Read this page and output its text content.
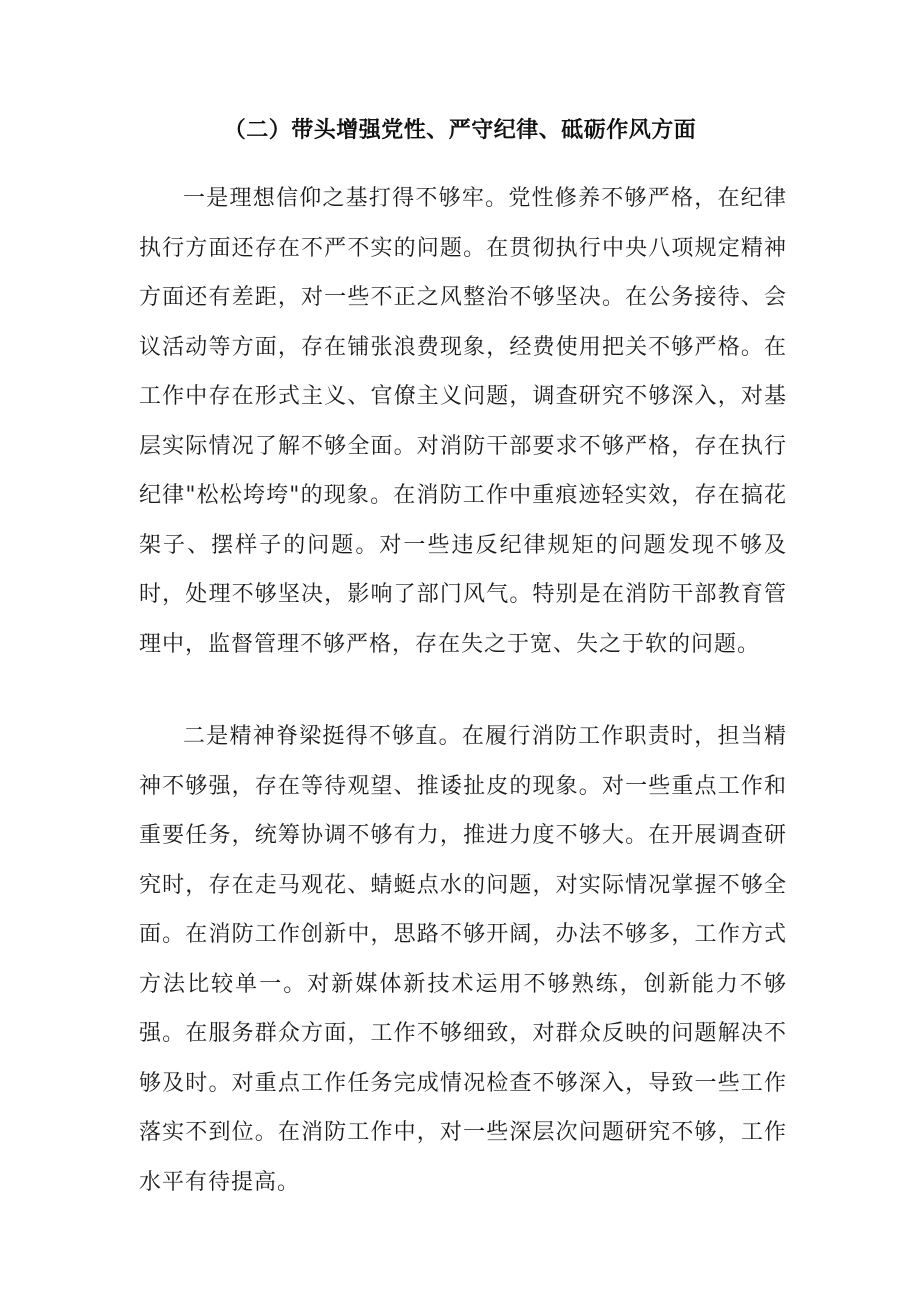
（二）带头增强党性、严守纪律、砥砺作风方面

一是理想信仰之基打得不够牢。党性修养不够严格，在纪律执行方面还存在不严不实的问题。在贯彻执行中央八项规定精神方面还有差距，对一些不正之风整治不够坚决。在公务接待、会议活动等方面，存在铺张浪费现象，经费使用把关不够严格。在工作中存在形式主义、官僚主义问题，调查研究不够深入，对基层实际情况了解不够全面。对消防干部要求不够严格，存在执行纪律"松松垮垮"的现象。在消防工作中重痕迹轻实效，存在搞花架子、摆样子的问题。对一些违反纪律规矩的问题发现不够及时，处理不够坚决，影响了部门风气。特别是在消防干部教育管理中，监督管理不够严格，存在失之于宽、失之于软的问题。

二是精神脊梁挺得不够直。在履行消防工作职责时，担当精神不够强，存在等待观望、推诿扯皮的现象。对一些重点工作和重要任务，统筹协调不够有力，推进力度不够大。在开展调查研究时，存在走马观花、蜻蜓点水的问题，对实际情况掌握不够全面。在消防工作创新中，思路不够开阔，办法不够多，工作方式方法比较单一。对新媒体新技术运用不够熟练，创新能力不够强。在服务群众方面，工作不够细致，对群众反映的问题解决不够及时。对重点工作任务完成情况检查不够深入，导致一些工作落实不到位。在消防工作中，对一些深层次问题研究不够，工作水平有待提高。
